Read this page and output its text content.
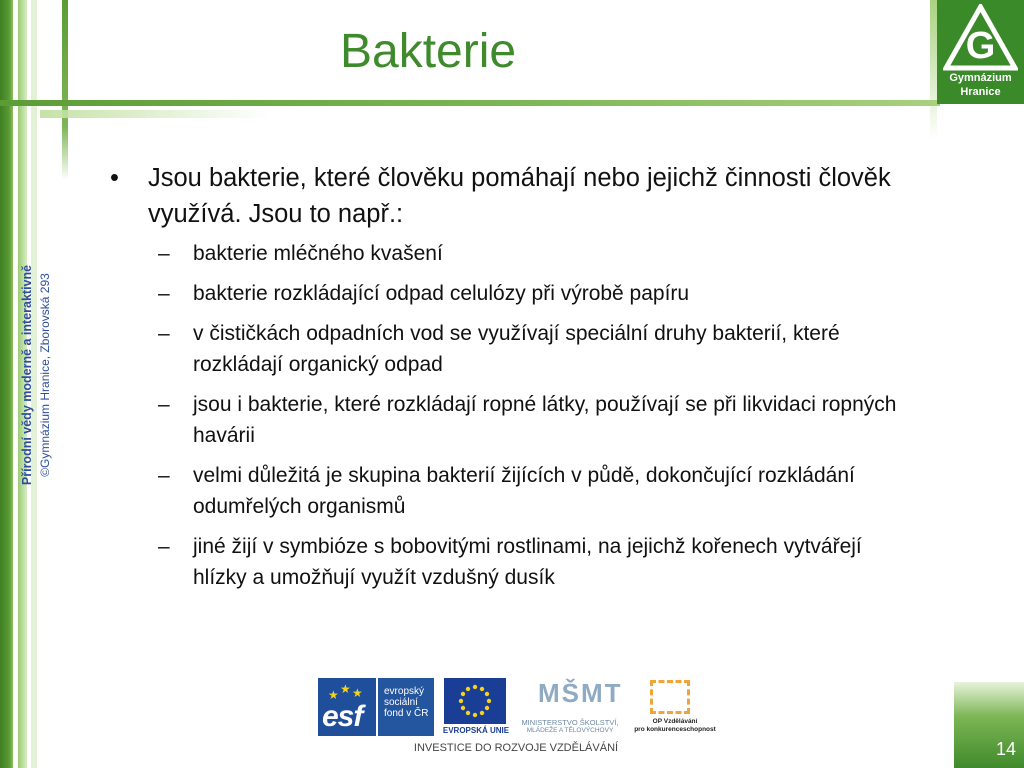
G
Gymnázium
Hranice
Bakterie
Přírodní vědy moderně a interaktivně ©Gymnázium Hranice, Zborovská 293

• Jsou bakterie, které člověku pomáhají nebo jejichž činnosti člověk využívá. Jsou to např.:

– bakterie mléčného kvašení
– bakterie rozkládající odpad celulózy při výrobě papíru
– v čističkách odpadních vod se využívají speciální druhy bakterií, které rozkládají organický odpad
– jsou i bakterie, které rozkládají ropné látky, používají se při likvidaci ropných havárii
– velmi důležitá je skupina bakterií žijících v půdě, dokončující rozkládání odumřelých organismů
– jiné žijí v symbióze s bobovitými rostlinami, na jejichž kořenech vytvářejí hlízky a umožňují využít vzdušný dusík
★ ★
★
esf
evropský
sociální
fond v ČR
EVROPSKÁ UNIE
MŠMT
MINISTERSTVO ŠKOLSTVÍ,
MLÁDEŽE A TĚLOVÝCHOVY
OP Vzdělávání
pro konkurenceschopnost
INVESTICE DO ROZVOJE VZDĚLÁVÁNÍ	14
